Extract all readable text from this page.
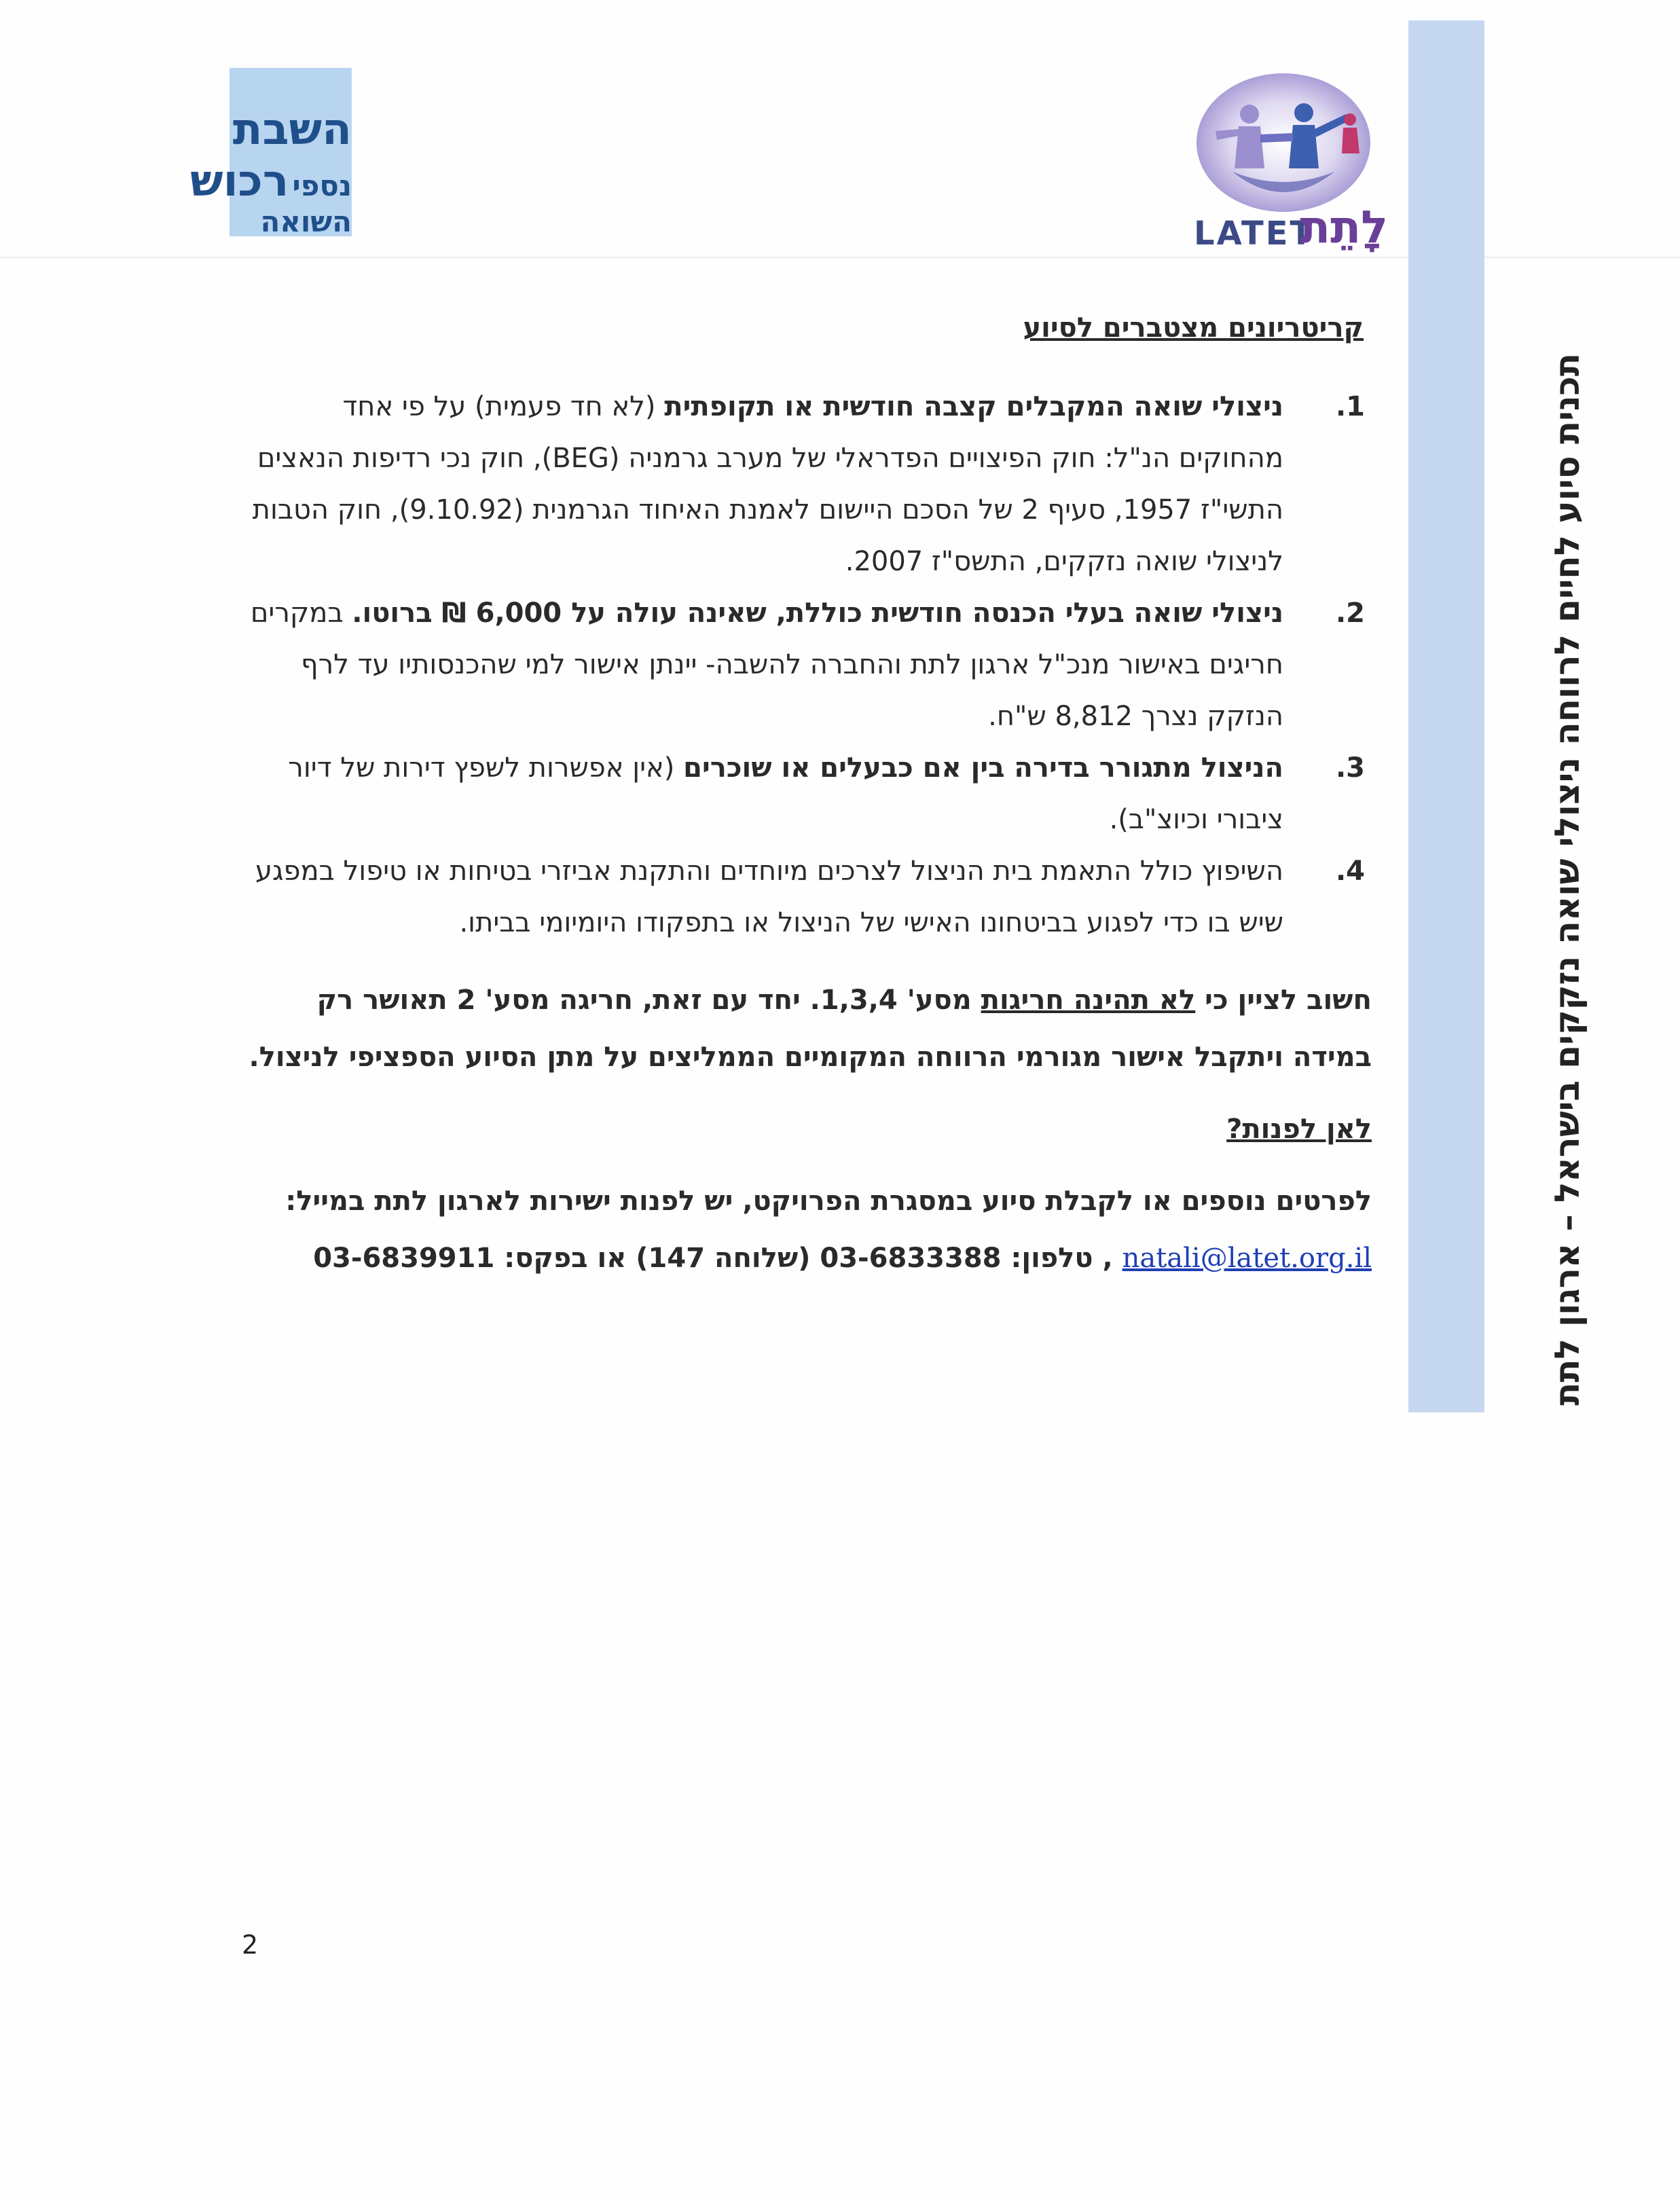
השבת
נספי רכוש
השואה	LATET
לָתֵת
תכנית סיוע לחיים לרווחה ניצולי שואה נזקקים בישראל – ארגון לתת
קריטריונים מצטברים לסיוע
1.
ניצולי שואה המקבלים קצבה חודשית או תקופתית (לא חד פעמית) על פי אחד מהחוקים הנ"ל: חוק הפיצויים הפדראלי של מערב גרמניה (BEG), חוק נכי רדיפות הנאצים התשי"ז 1957, סעיף 2 של הסכם היישום לאמנת האיחוד הגרמנית (9.10.92), חוק הטבות לניצולי שואה נזקקים, התשס"ז 2007.
2.
ניצולי שואה בעלי הכנסה חודשית כוללת, שאינה עולה על 6,000 ₪ ברוטו. במקרים חריגים באישור מנכ"ל ארגון לתת והחברה להשבה- יינתן אישור למי שהכנסותיו עד לרף הנזקק נצרך 8,812 ש"ח.
3.
הניצול מתגורר בדירה בין אם כבעלים או שוכרים (אין אפשרות לשפץ דירות של דיור ציבורי וכיוצ"ב).
4.
השיפוץ כולל התאמת בית הניצול לצרכים מיוחדים והתקנת אביזרי בטיחות או טיפול במפגע שיש בו כדי לפגוע בביטחונו האישי של הניצול או בתפקודו היומיומי בביתו.
חשוב לציין כי לא תהינה חריגות מסע' 1,3,4. יחד עם זאת, חריגה מסע' 2 תאושר רק במידה ויתקבל אישור מגורמי הרווחה המקומיים הממליצים על מתן הסיוע הספציפי לניצול.
לאן לפנות?
לפרטים נוספים או לקבלת סיוע במסגרת הפרויקט, יש לפנות ישירות לארגון לתת במייל: natali@latet.org.il , טלפון: 03-6833388 (שלוחה 147) או בפקס: 03-6839911
2
